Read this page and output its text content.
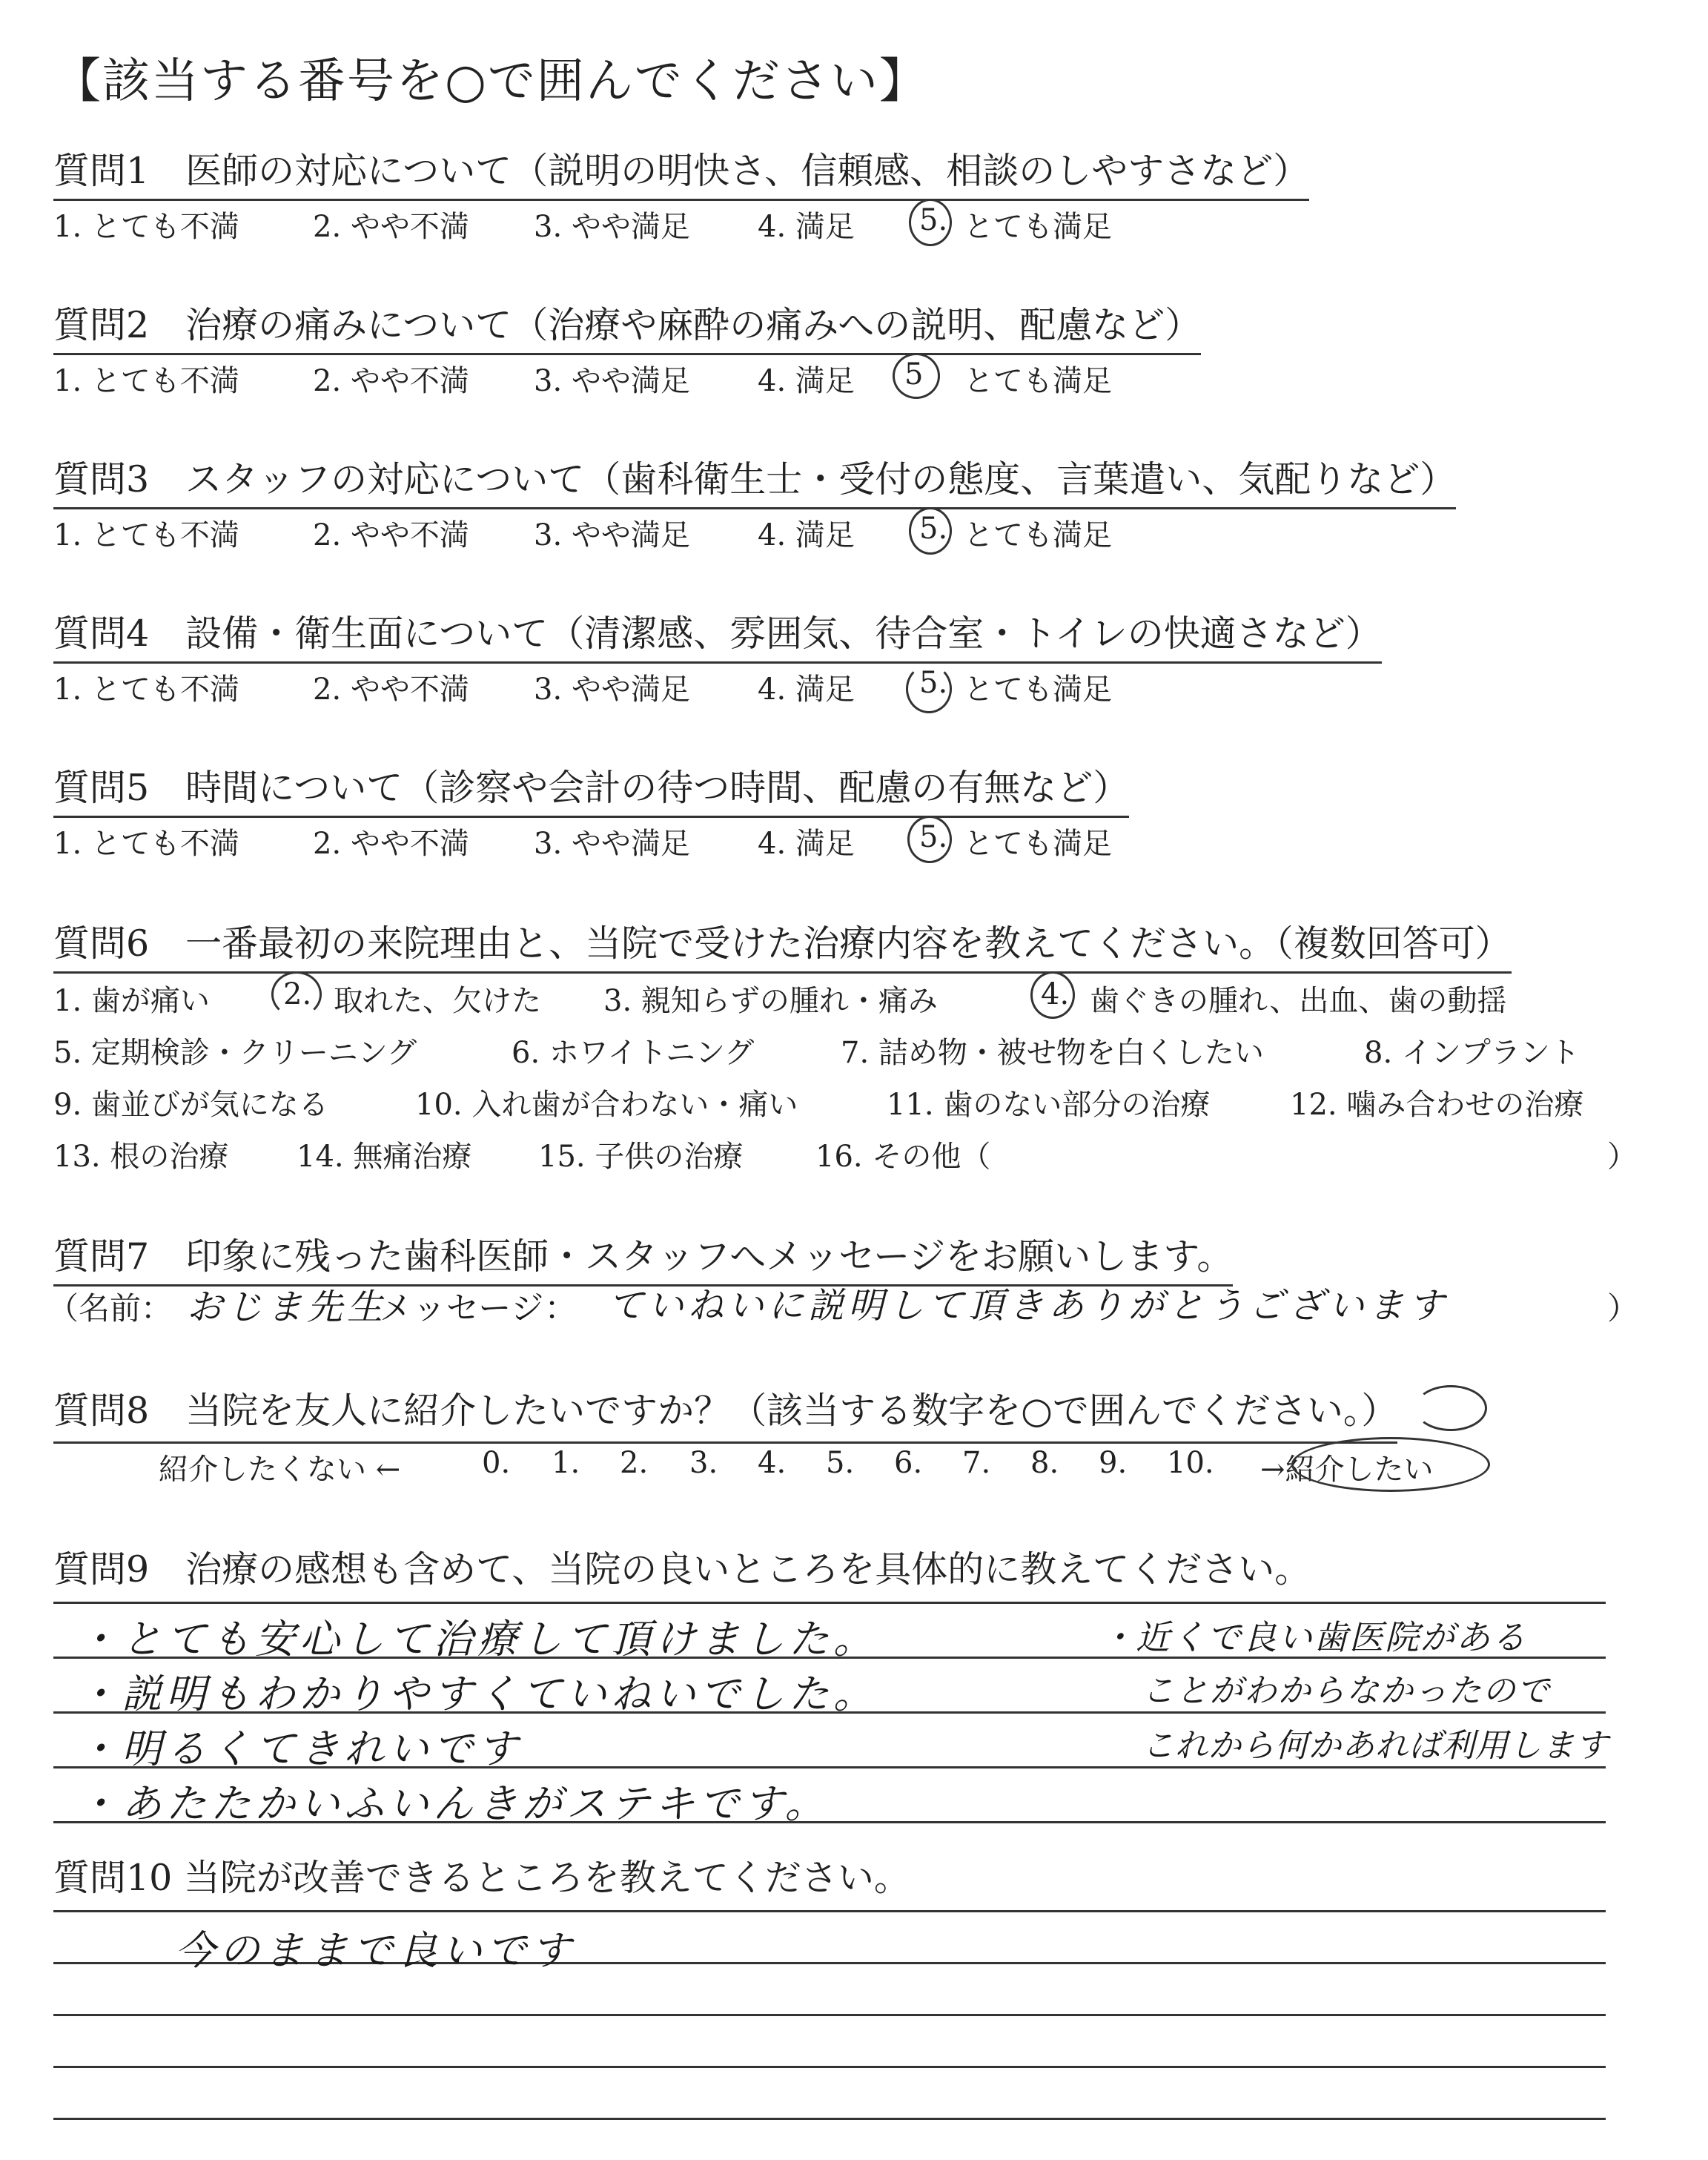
【該当する番号を○で囲んでください】
質問1　医師の対応について（説明の明快さ、信頼感、相談のしやすさなど）
1. とても不満 2. やや不満 3. やや満足 4. 満足 5. とても満足
質問2　治療の痛みについて（治療や麻酔の痛みへの説明、配慮など）
1. とても不満 2. やや不満 3. やや満足 4. 満足 5 とても満足
質問3　スタッフの対応について（歯科衛生士・受付の態度、言葉遣い、気配りなど）
1. とても不満 2. やや不満 3. やや満足 4. 満足 5. とても満足
質問4　設備・衛生面について（清潔感、雰囲気、待合室・トイレの快適さなど）
1. とても不満 2. やや不満 3. やや満足 4. 満足 5. とても満足
質問5　時間について（診察や会計の待つ時間、配慮の有無など）
1. とても不満 2. やや不満 3. やや満足 4. 満足 5. とても満足
質問6　一番最初の来院理由と、当院で受けた治療内容を教えてください。（複数回答可）
1. 歯が痛い 2. 取れた、欠けた 3. 親知らずの腫れ・痛み	4. 歯ぐきの腫れ、出血、歯の動揺
5. 定期検診・クリーニング	6. ホワイトニング	7. 詰め物・被せ物を白くしたい	8. インプラント
9. 歯並びが気になる	10. 入れ歯が合わない・痛い	11. 歯のない部分の治療	12. 噛み合わせの治療
13. 根の治療 14. 無痛治療 15. 子供の治療 16. その他（	）
質問7　印象に残った歯科医師・スタッフへメッセージをお願いします。
（名前： おじま先生
メッセージ： ていねいに説明して頂きありがとうございます	）
質問8　当院を友人に紹介したいですか？（該当する数字を○で囲んでください。）
紹介したくない ←	0. 1. 2. 3. 4. 5. 6. 7. 8. 9. 10. →紹介したい
質問9　治療の感想も含めて、当院の良いところを具体的に教えてください。
・とても安心して治療して頂けました。
・説明もわかりやすくていねいでした。
・明るくてきれいです
・あたたかいふいんきがステキです。
・近くで良い歯医院がある
ことがわからなかったので
これから何かあれば利用します
質問10 当院が改善できるところを教えてください。
今のままで良いです
